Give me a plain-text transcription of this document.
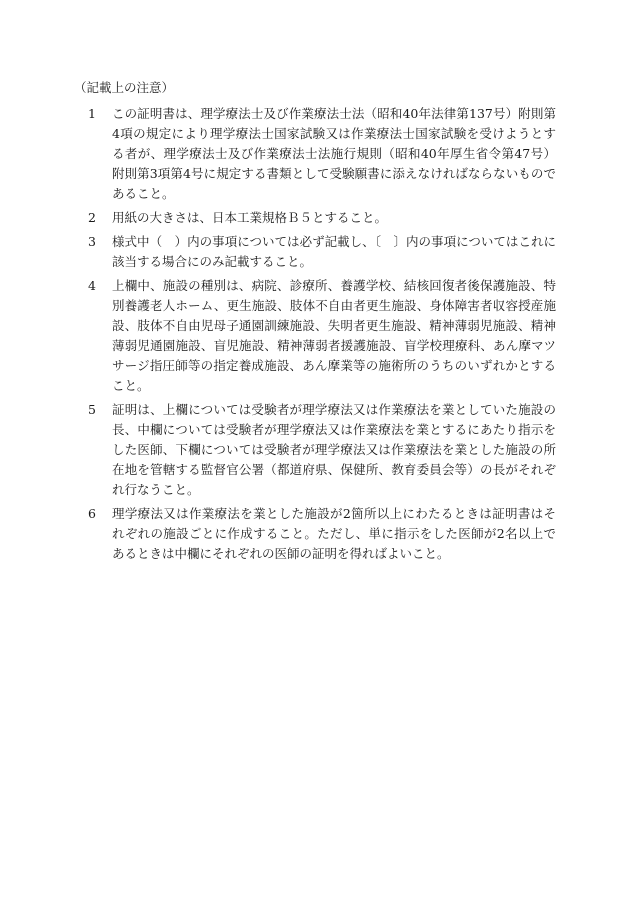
（記載上の注意）
1	この証明書は、理学療法士及び作業療法士法（昭和40年法律第137号）附則第4項の規定により理学療法士国家試験又は作業療法士国家試験を受けようとする者が、理学療法士及び作業療法士法施行規則（昭和40年厚生省令第47号）附則第3項第4号に規定する書類として受験願書に添えなければならないものであること。
2	用紙の大きさは、日本工業規格Ｂ５とすること。
3	様式中（　）内の事項については必ず記載し、〔　〕内の事項についてはこれに該当する場合にのみ記載すること。
4	上欄中、施設の種別は、病院、診療所、養護学校、結核回復者後保護施設、特別養護老人ホーム、更生施設、肢体不自由者更生施設、身体障害者収容授産施設、肢体不自由児母子通園訓練施設、失明者更生施設、精神薄弱児施設、精神薄弱児通園施設、盲児施設、精神薄弱者援護施設、盲学校理療科、あん摩マツサージ指圧師等の指定養成施設、あん摩業等の施術所のうちのいずれかとすること。
5	証明は、上欄については受験者が理学療法又は作業療法を業としていた施設の長、中欄については受験者が理学療法又は作業療法を業とするにあたり指示をした医師、下欄については受験者が理学療法又は作業療法を業とした施設の所在地を管轄する監督官公署（都道府県、保健所、教育委員会等）の長がそれぞれ行なうこと。
6	理学療法又は作業療法を業とした施設が2箇所以上にわたるときは証明書はそれぞれの施設ごとに作成すること。ただし、単に指示をした医師が2名以上であるときは中欄にそれぞれの医師の証明を得ればよいこと。
